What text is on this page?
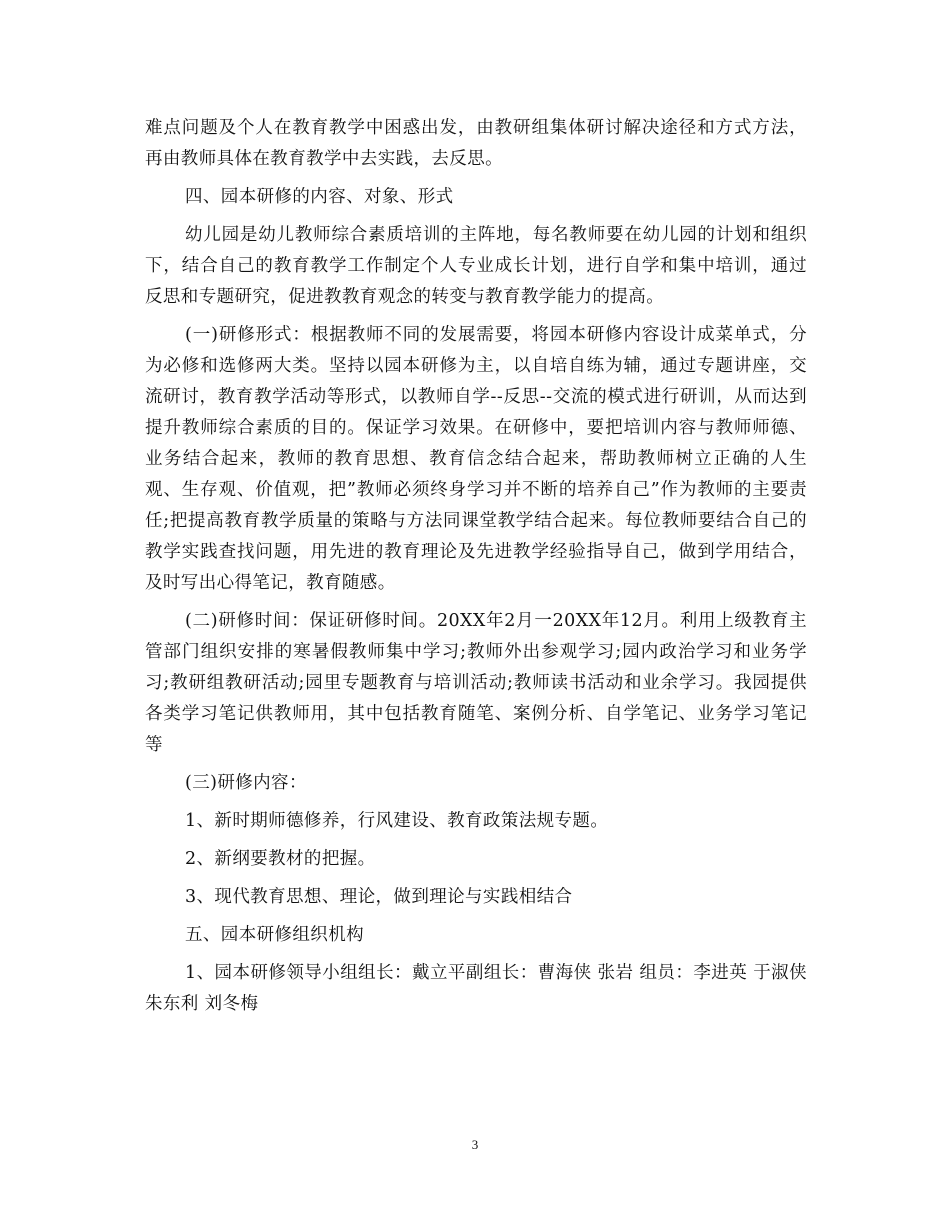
难点问题及个人在教育教学中困惑出发，由教研组集体研讨解决途径和方式方法，再由教师具体在教育教学中去实践，去反思。

四、园本研修的内容、对象、形式

幼儿园是幼儿教师综合素质培训的主阵地，每名教师要在幼儿园的计划和组织下，结合自己的教育教学工作制定个人专业成长计划，进行自学和集中培训，通过反思和专题研究，促进教教育观念的转变与教育教学能力的提高。

(一)研修形式：根据教师不同的发展需要，将园本研修内容设计成菜单式，分为必修和选修两大类。坚持以园本研修为主，以自培自练为辅，通过专题讲座，交流研讨，教育教学活动等形式，以教师自学--反思--交流的模式进行研训，从而达到提升教师综合素质的目的。保证学习效果。在研修中，要把培训内容与教师师德、业务结合起来，教师的教育思想、教育信念结合起来，帮助教师树立正确的人生观、生存观、价值观，把”教师必须终身学习并不断的培养自己”作为教师的主要责任;把提高教育教学质量的策略与方法同课堂教学结合起来。每位教师要结合自己的教学实践查找问题，用先进的教育理论及先进教学经验指导自己，做到学用结合，及时写出心得笔记，教育随感。

(二)研修时间：保证研修时间。20XX年2月一20XX年12月。利用上级教育主管部门组织安排的寒暑假教师集中学习;教师外出参观学习;园内政治学习和业务学习;教研组教研活动;园里专题教育与培训活动;教师读书活动和业余学习。我园提供各类学习笔记供教师用，其中包括教育随笔、案例分析、自学笔记、业务学习笔记等

(三)研修内容：

1、新时期师德修养，行风建设、教育政策法规专题。

2、新纲要教材的把握。

3、现代教育思想、理论，做到理论与实践相结合

五、园本研修组织机构

1、园本研修领导小组组长：戴立平副组长：曹海侠 张岩 组员：李进英 于淑侠 朱东利 刘冬梅

3
